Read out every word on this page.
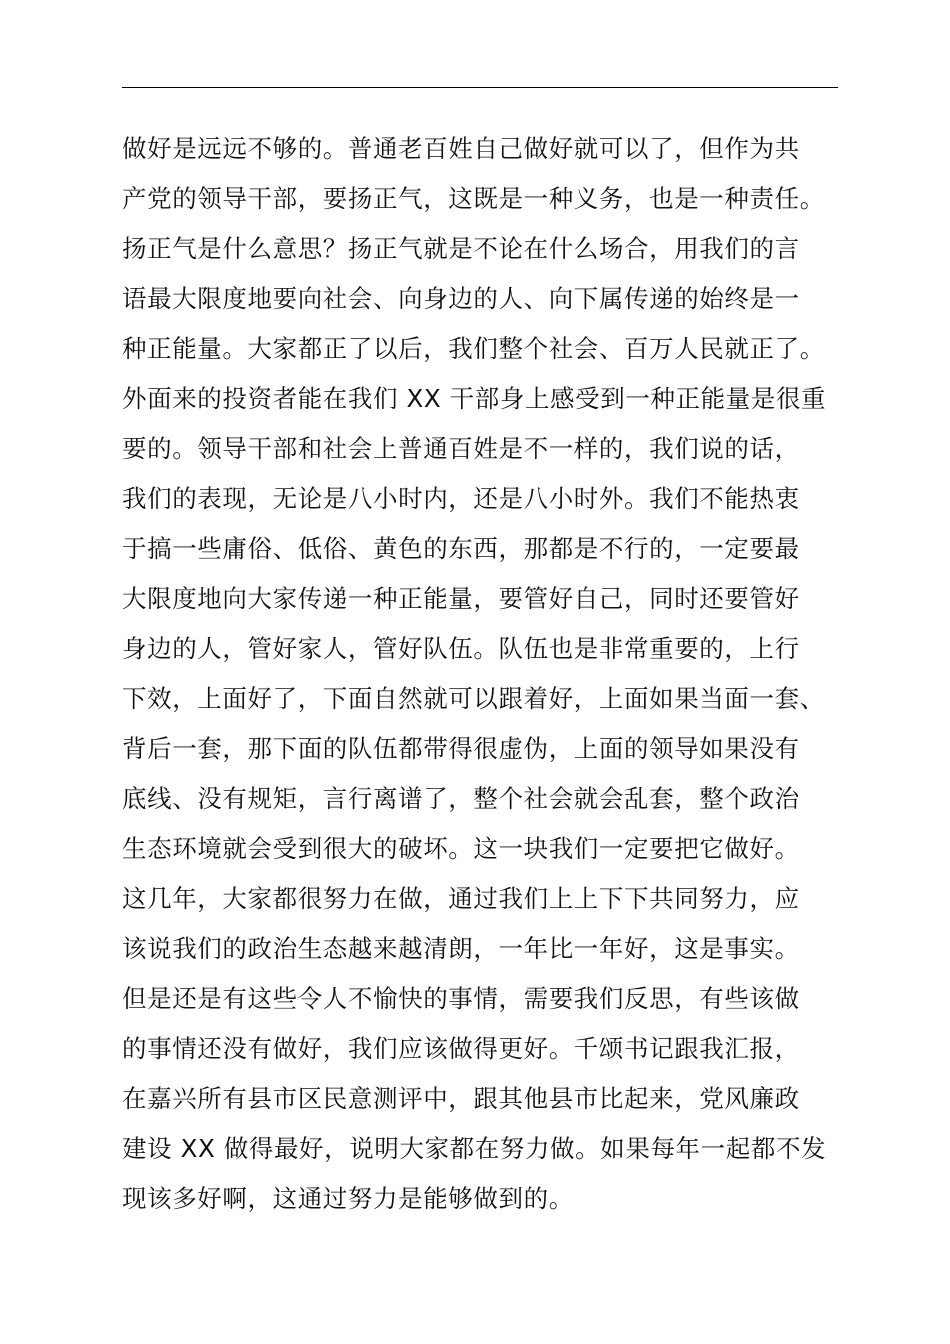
做好是远远不够的。普通老百姓自己做好就可以了，但作为共
产党的领导干部，要扬正气，这既是一种义务，也是一种责任。
扬正气是什么意思？扬正气就是不论在什么场合，用我们的言
语最大限度地要向社会、向身边的人、向下属传递的始终是一
种正能量。大家都正了以后，我们整个社会、百万人民就正了。
外面来的投资者能在我们 XX 干部身上感受到一种正能量是很重
要的。领导干部和社会上普通百姓是不一样的，我们说的话，
我们的表现，无论是八小时内，还是八小时外。我们不能热衷
于搞一些庸俗、低俗、黄色的东西，那都是不行的，一定要最
大限度地向大家传递一种正能量，要管好自己，同时还要管好
身边的人，管好家人，管好队伍。队伍也是非常重要的，上行
下效，上面好了，下面自然就可以跟着好，上面如果当面一套、
背后一套，那下面的队伍都带得很虚伪，上面的领导如果没有
底线、没有规矩，言行离谱了，整个社会就会乱套，整个政治
生态环境就会受到很大的破坏。这一块我们一定要把它做好。
这几年，大家都很努力在做，通过我们上上下下共同努力，应
该说我们的政治生态越来越清朗，一年比一年好，这是事实。
但是还是有这些令人不愉快的事情，需要我们反思，有些该做
的事情还没有做好，我们应该做得更好。千颂书记跟我汇报，
在嘉兴所有县市区民意测评中，跟其他县市比起来，党风廉政
建设 XX 做得最好，说明大家都在努力做。如果每年一起都不发
现该多好啊，这通过努力是能够做到的。
